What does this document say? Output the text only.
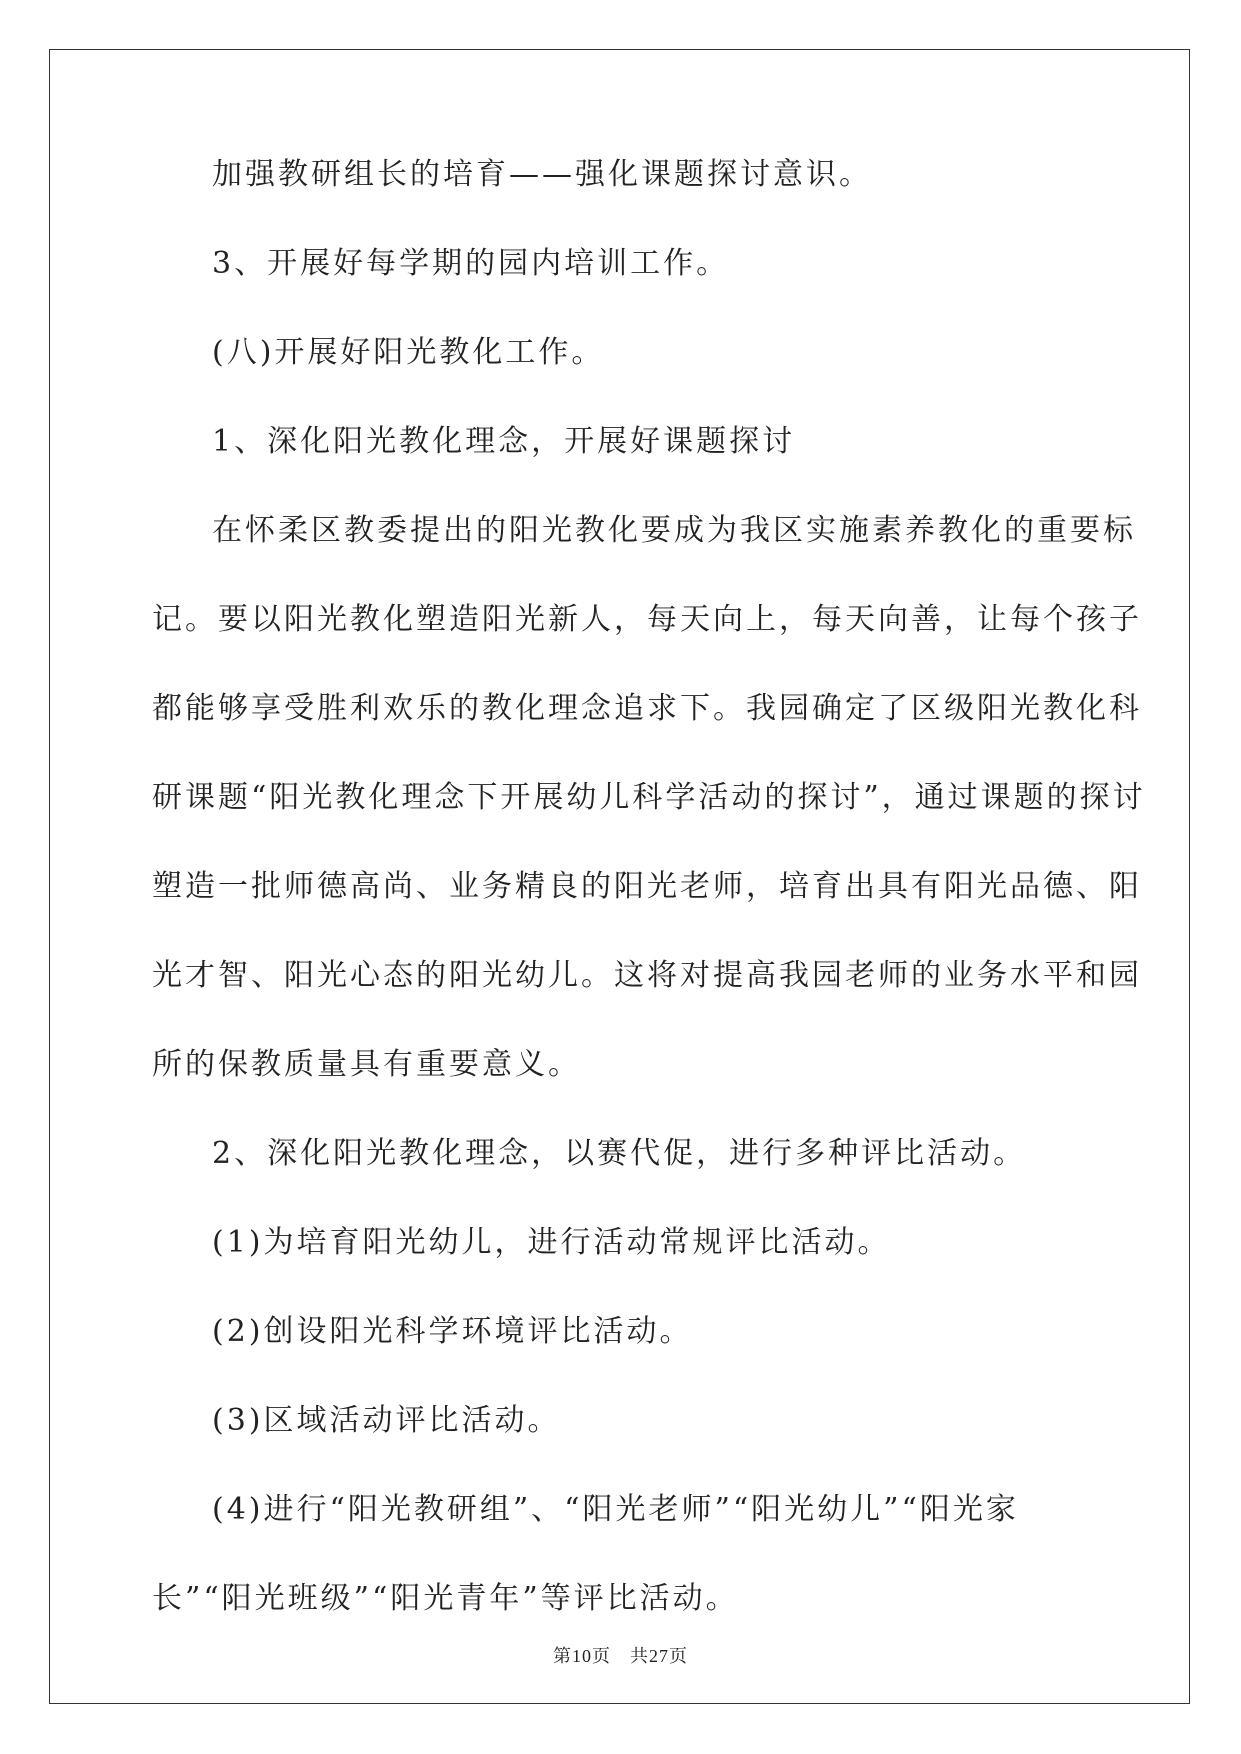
加强教研组长的培育——强化课题探讨意识。
3、开展好每学期的园内培训工作。
(八)开展好阳光教化工作。
1、深化阳光教化理念，开展好课题探讨
在怀柔区教委提出的阳光教化要成为我区实施素养教化的重要标
记。要以阳光教化塑造阳光新人，每天向上，每天向善，让每个孩子
都能够享受胜利欢乐的教化理念追求下。我园确定了区级阳光教化科
研课题“阳光教化理念下开展幼儿科学活动的探讨”，通过课题的探讨
塑造一批师德高尚、业务精良的阳光老师，培育出具有阳光品德、阳
光才智、阳光心态的阳光幼儿。这将对提高我园老师的业务水平和园
所的保教质量具有重要意义。
2、深化阳光教化理念，以赛代促，进行多种评比活动。
(1)为培育阳光幼儿，进行活动常规评比活动。
(2)创设阳光科学环境评比活动。
(3)区域活动评比活动。
(4)进行“阳光教研组”、“阳光老师”“阳光幼儿”“阳光家
长”“阳光班级”“阳光青年”等评比活动。
第10页　共27页
